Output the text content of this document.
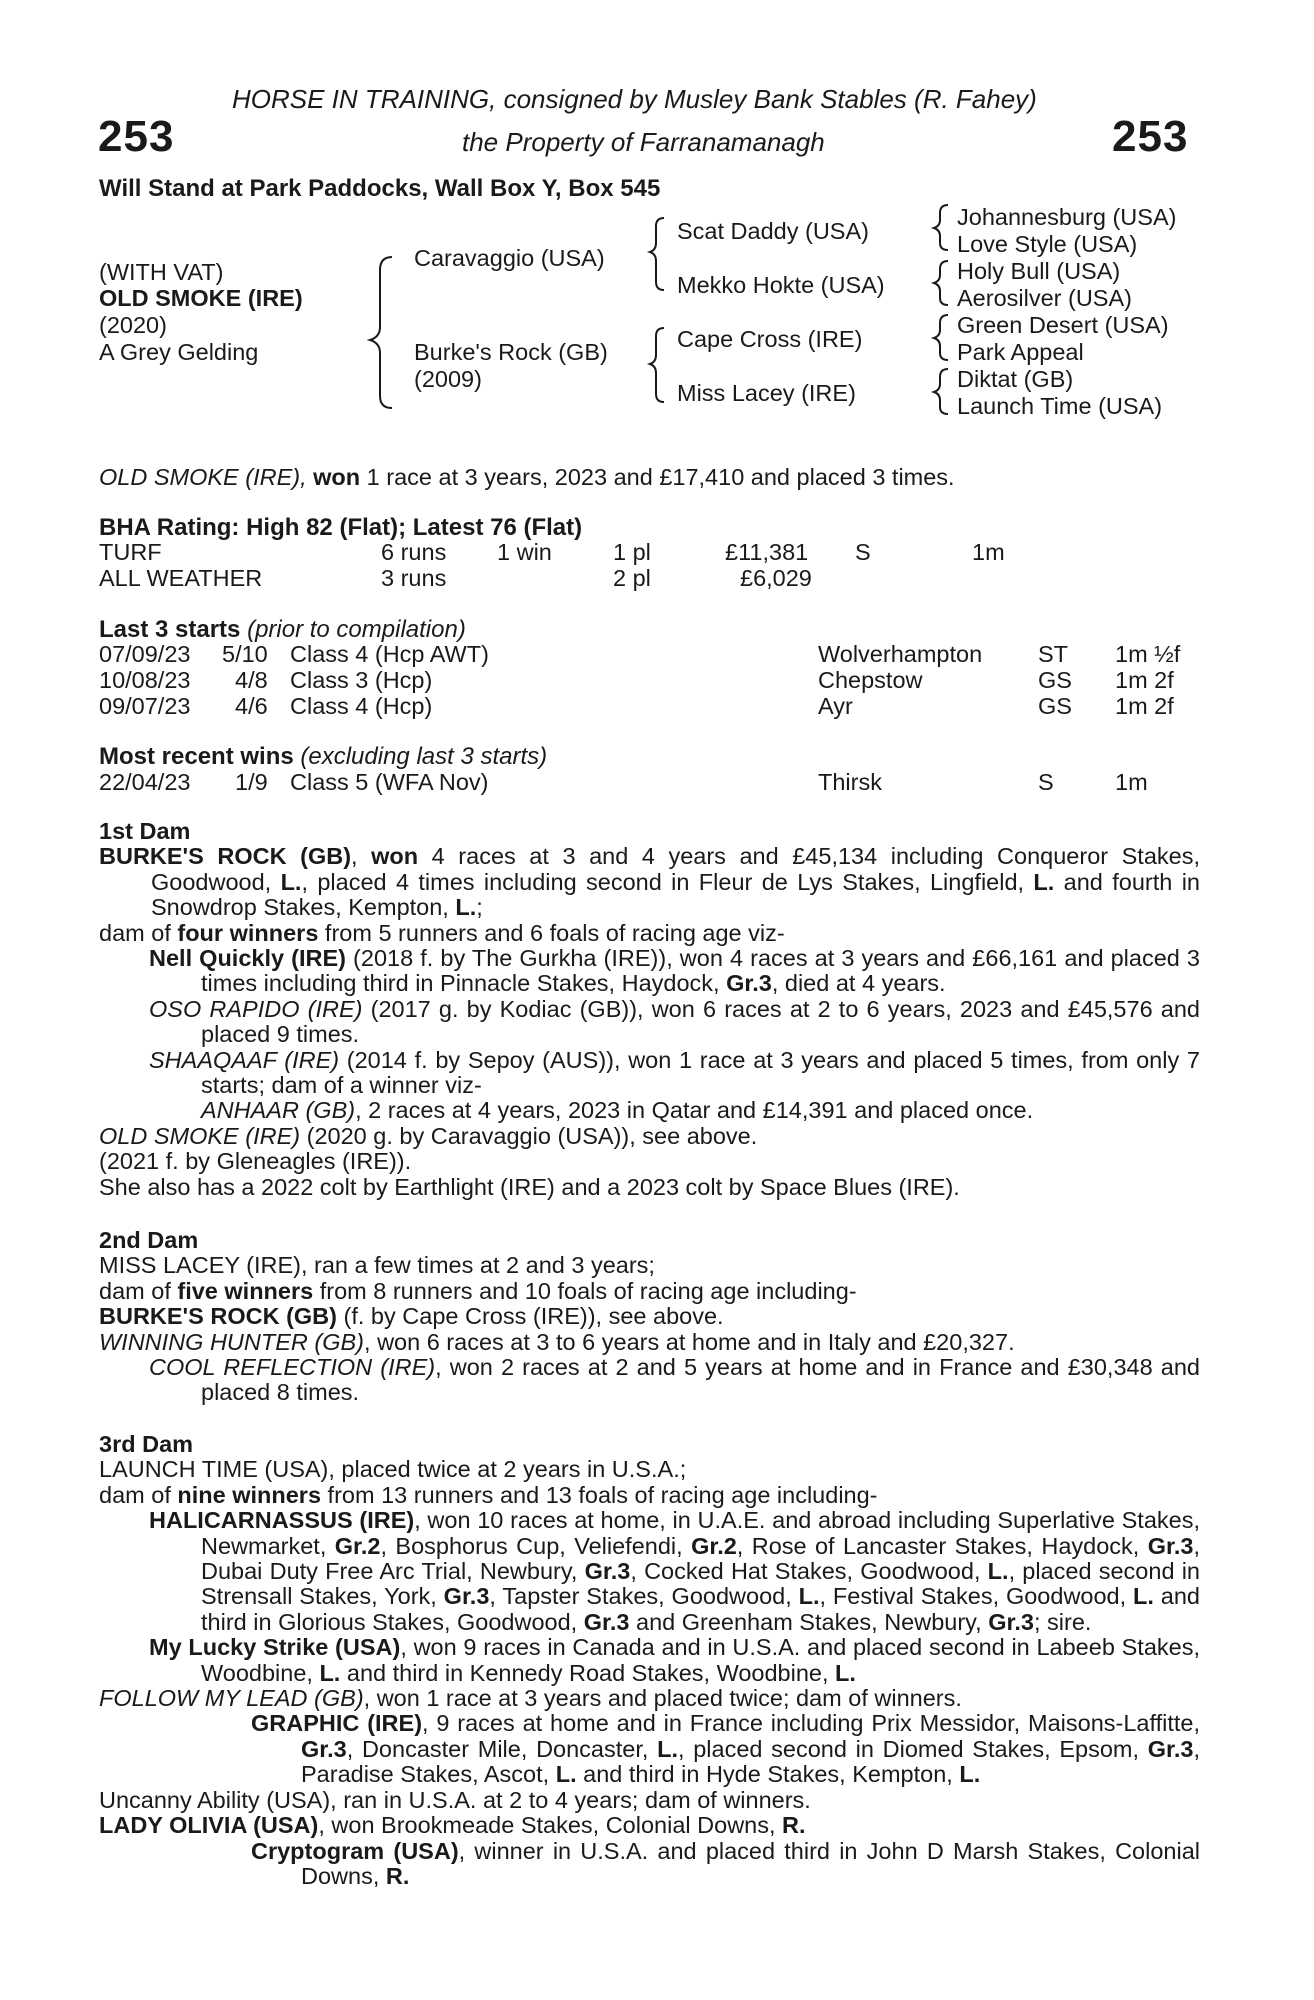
HORSE IN TRAINING, consigned by Musley Bank Stables (R. Fahey)
253	the Property of Farranamanagh	253
Will Stand at Park Paddocks, Wall Box Y, Box 545
(WITH VAT)
OLD SMOKE (IRE)
(2020)
A Grey Gelding
Caravaggio (USA)
Burke's Rock (GB)
(2009)
Scat Daddy (USA)
Mekko Hokte (USA)
Cape Cross (IRE)
Miss Lacey (IRE)
Johannesburg (USA)
Love Style (USA)
Holy Bull (USA)
Aerosilver (USA)
Green Desert (USA)
Park Appeal
Diktat (GB)
Launch Time (USA)
OLD SMOKE (IRE), won 1 race at 3 years, 2023 and £17,410 and placed 3 times.
BHA Rating: High 82 (Flat); Latest 76 (Flat)
TURF	6 runs 1 win	1 pl	£11,381 S	1m
ALL WEATHER	3 runs	2 pl	£6,029
Last 3 starts (prior to compilation)
07/09/23 5/10 Class 4 (Hcp AWT)	Wolverhampton ST 1m ½f
10/08/23 4/8 Class 3 (Hcp)	Chepstow	GS 1m 2f
09/07/23 4/6 Class 4 (Hcp)	Ayr	GS 1m 2f
Most recent wins (excluding last 3 starts)
22/04/23 1/9 Class 5 (WFA Nov)	Thirsk	S	1m

1st Dam

BURKE'S ROCK (GB), won 4 races at 3 and 4 years and £45,134 including Conqueror Stakes, Goodwood, L., placed 4 times including second in Fleur de Lys Stakes, Lingfield, L. and fourth in Snowdrop Stakes, Kempton, L.;

dam of four winners from 5 runners and 6 foals of racing age viz-

Nell Quickly (IRE) (2018 f. by The Gurkha (IRE)), won 4 races at 3 years and £66,161 and placed 3 times including third in Pinnacle Stakes, Haydock, Gr.3, died at 4 years.

OSO RAPIDO (IRE) (2017 g. by Kodiac (GB)), won 6 races at 2 to 6 years, 2023 and £45,576 and placed 9 times.

SHAAQAAF (IRE) (2014 f. by Sepoy (AUS)), won 1 race at 3 years and placed 5 times, from only 7 starts; dam of a winner viz-

ANHAAR (GB), 2 races at 4 years, 2023 in Qatar and £14,391 and placed once.

OLD SMOKE (IRE) (2020 g. by Caravaggio (USA)), see above.

(2021 f. by Gleneagles (IRE)).

She also has a 2022 colt by Earthlight (IRE) and a 2023 colt by Space Blues (IRE).

2nd Dam

MISS LACEY (IRE), ran a few times at 2 and 3 years;

dam of five winners from 8 runners and 10 foals of racing age including-

BURKE'S ROCK (GB) (f. by Cape Cross (IRE)), see above.

WINNING HUNTER (GB), won 6 races at 3 to 6 years at home and in Italy and £20,327.

COOL REFLECTION (IRE), won 2 races at 2 and 5 years at home and in France and £30,348 and placed 8 times.

3rd Dam

LAUNCH TIME (USA), placed twice at 2 years in U.S.A.;

dam of nine winners from 13 runners and 13 foals of racing age including-

HALICARNASSUS (IRE), won 10 races at home, in U.A.E. and abroad including Superlative Stakes, Newmarket, Gr.2, Bosphorus Cup, Veliefendi, Gr.2, Rose of Lancaster Stakes, Haydock, Gr.3, Dubai Duty Free Arc Trial, Newbury, Gr.3, Cocked Hat Stakes, Goodwood, L., placed second in Strensall Stakes, York, Gr.3, Tapster Stakes, Goodwood, L., Festival Stakes, Goodwood, L. and third in Glorious Stakes, Goodwood, Gr.3 and Greenham Stakes, Newbury, Gr.3; sire.

My Lucky Strike (USA), won 9 races in Canada and in U.S.A. and placed second in Labeeb Stakes, Woodbine, L. and third in Kennedy Road Stakes, Woodbine, L.

FOLLOW MY LEAD (GB), won 1 race at 3 years and placed twice; dam of winners.

GRAPHIC (IRE), 9 races at home and in France including Prix Messidor, Maisons-Laffitte, Gr.3, Doncaster Mile, Doncaster, L., placed second in Diomed Stakes, Epsom, Gr.3, Paradise Stakes, Ascot, L. and third in Hyde Stakes, Kempton, L.

Uncanny Ability (USA), ran in U.S.A. at 2 to 4 years; dam of winners.

LADY OLIVIA (USA), won Brookmeade Stakes, Colonial Downs, R.

Cryptogram (USA), winner in U.S.A. and placed third in John D Marsh Stakes, Colonial Downs, R.
